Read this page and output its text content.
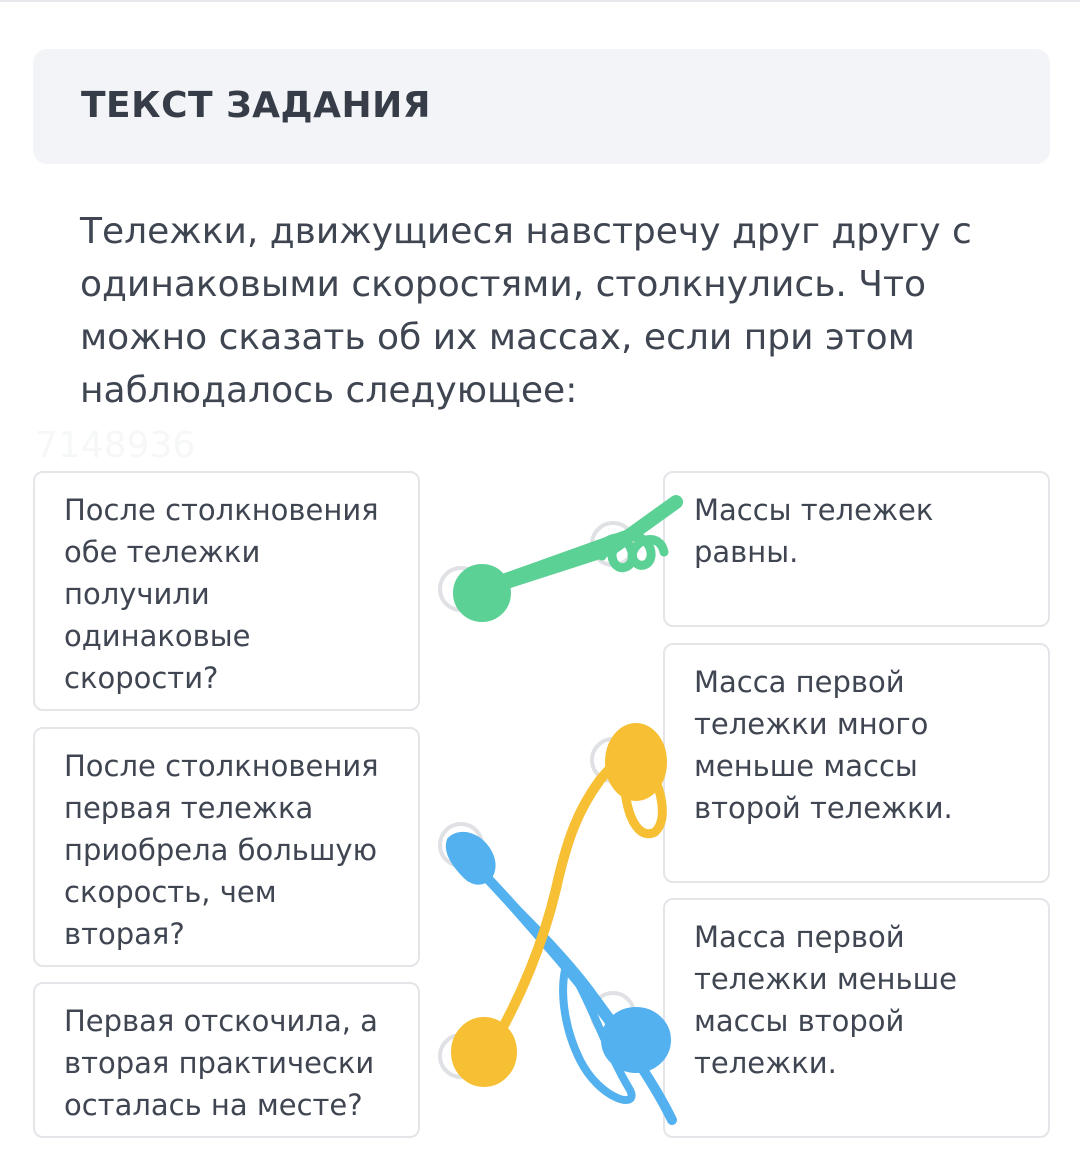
ТЕКСТ ЗАДАНИЯ
Тележки, движущиеся навстречу друг другу с одинаковыми скоростями, столкнулись. Что можно сказать об их массах, если при этом наблюдалось следующее:
7148936
После столкновения обе тележки получили одинаковые скорости?
После столкновения первая тележка приобрела большую скорость, чем вторая?
Первая отскочила, а вторая практически осталась на месте?
Массы тележек равны.
Масса первой тележки много меньше массы второй тележки.
Масса первой тележки меньше массы второй тележки.
